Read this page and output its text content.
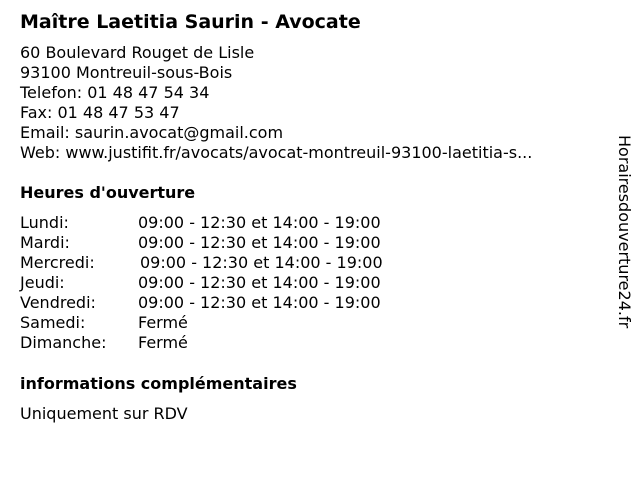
Maître Laetitia Saurin - Avocate
60 Boulevard Rouget de Lisle
93100 Montreuil-sous-Bois
Telefon: 01 48 47 54 34
Fax: 01 48 47 53 47
Email: saurin.avocat@gmail.com
Web: www.justifit.fr/avocats/avocat-montreuil-93100-laetitia-s...
Heures d'ouverture
Lundi:	09:00 - 12:30 et 14:00 - 19:00
Mardi:	09:00 - 12:30 et 14:00 - 19:00
Mercredi:	09:00 - 12:30 et 14:00 - 19:00
Jeudi:	09:00 - 12:30 et 14:00 - 19:00
Vendredi:	09:00 - 12:30 et 14:00 - 19:00
Samedi:	Fermé
Dimanche: Fermé
informations complémentaires
Uniquement sur RDV
Horairesdouverture24.fr
